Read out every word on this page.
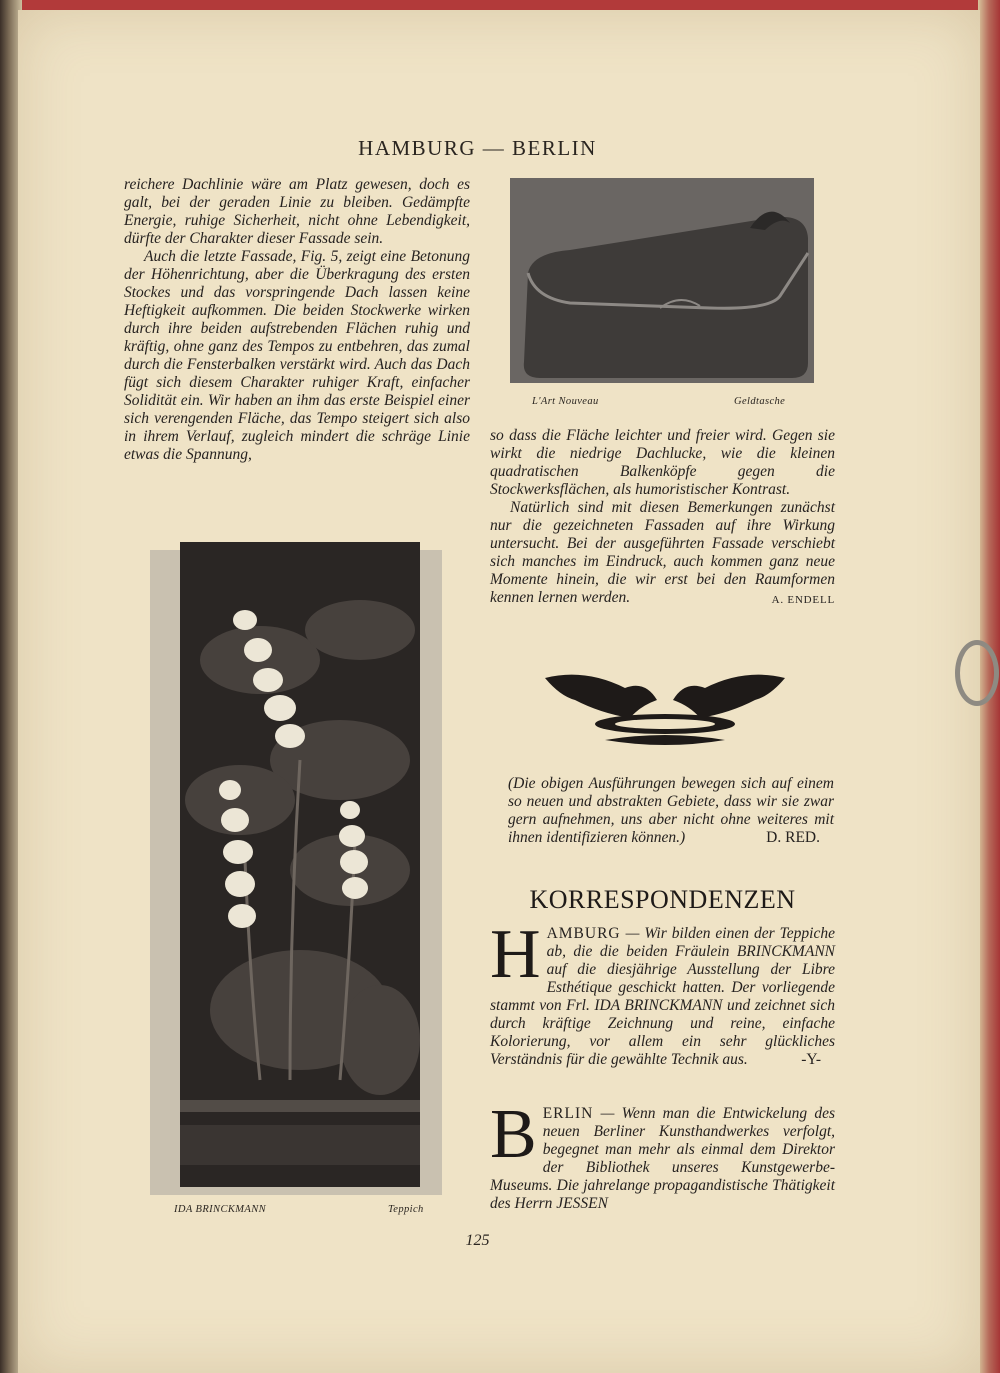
HAMBURG — BERLIN

reichere Dachlinie wäre am Platz gewesen, doch es galt, bei der geraden Linie zu bleiben. Gedämpfte Energie, ruhige Sicherheit, nicht ohne Lebendigkeit, dürfte der Charakter dieser Fassade sein.

Auch die letzte Fassade, Fig. 5, zeigt eine Betonung der Höhenrichtung, aber die Überkragung des ersten Stockes und das vorspringende Dach lassen keine Heftigkeit aufkommen. Die beiden Stockwerke wirken durch ihre beiden aufstrebenden Flächen ruhig und kräftig, ohne ganz des Tempos zu entbehren, das zumal durch die Fensterbalken verstärkt wird. Auch das Dach fügt sich diesem Charakter ruhiger Kraft, einfacher Solidität ein. Wir haben an ihm das erste Beispiel einer sich verengenden Fläche, das Tempo steigert sich also in ihrem Verlauf, zugleich mindert die schräge Linie etwas die Spannung,

L'Art Nouveau	Geldtasche

so dass die Fläche leichter und freier wird. Gegen sie wirkt die niedrige Dachlucke, wie die kleinen quadratischen Balkenköpfe gegen die Stockwerksflächen, als humoristischer Kontrast.

Natürlich sind mit diesen Bemerkungen zunächst nur die gezeichneten Fassaden auf ihre Wirkung untersucht. Bei der ausgeführten Fassade verschiebt sich manches im Eindruck, auch kommen ganz neue Momente hinein, die wir erst bei den Raumformen kennen lernen werden.	A. ENDELL

(Die obigen Ausführungen bewegen sich auf einem so neuen und abstrakten Gebiete, dass wir sie zwar gern aufnehmen, uns aber nicht ohne weiteres mit ihnen identifizieren können.)	D. RED.
KORRESPONDENZEN
HAMBURG — Wir bilden einen der Teppiche ab, die die beiden Fräulein BRINCKMANN auf die diesjährige Ausstellung der Libre Esthétique geschickt hatten. Der vorliegende stammt von Frl. IDA BRINCKMANN und zeichnet sich durch kräftige Zeichnung und reine, einfache Kolorierung, vor allem ein sehr glückliches Verständnis für die gewählte Technik aus.	-Y-
BERLIN — Wenn man die Entwickelung des neuen Berliner Kunsthandwerkes verfolgt, begegnet man mehr als einmal dem Direktor der Bibliothek unseres Kunstgewerbe-Museums. Die jahrelange propagandistische Thätigkeit des Herrn JESSEN
IDA BRINCKMANN	Teppich
125
